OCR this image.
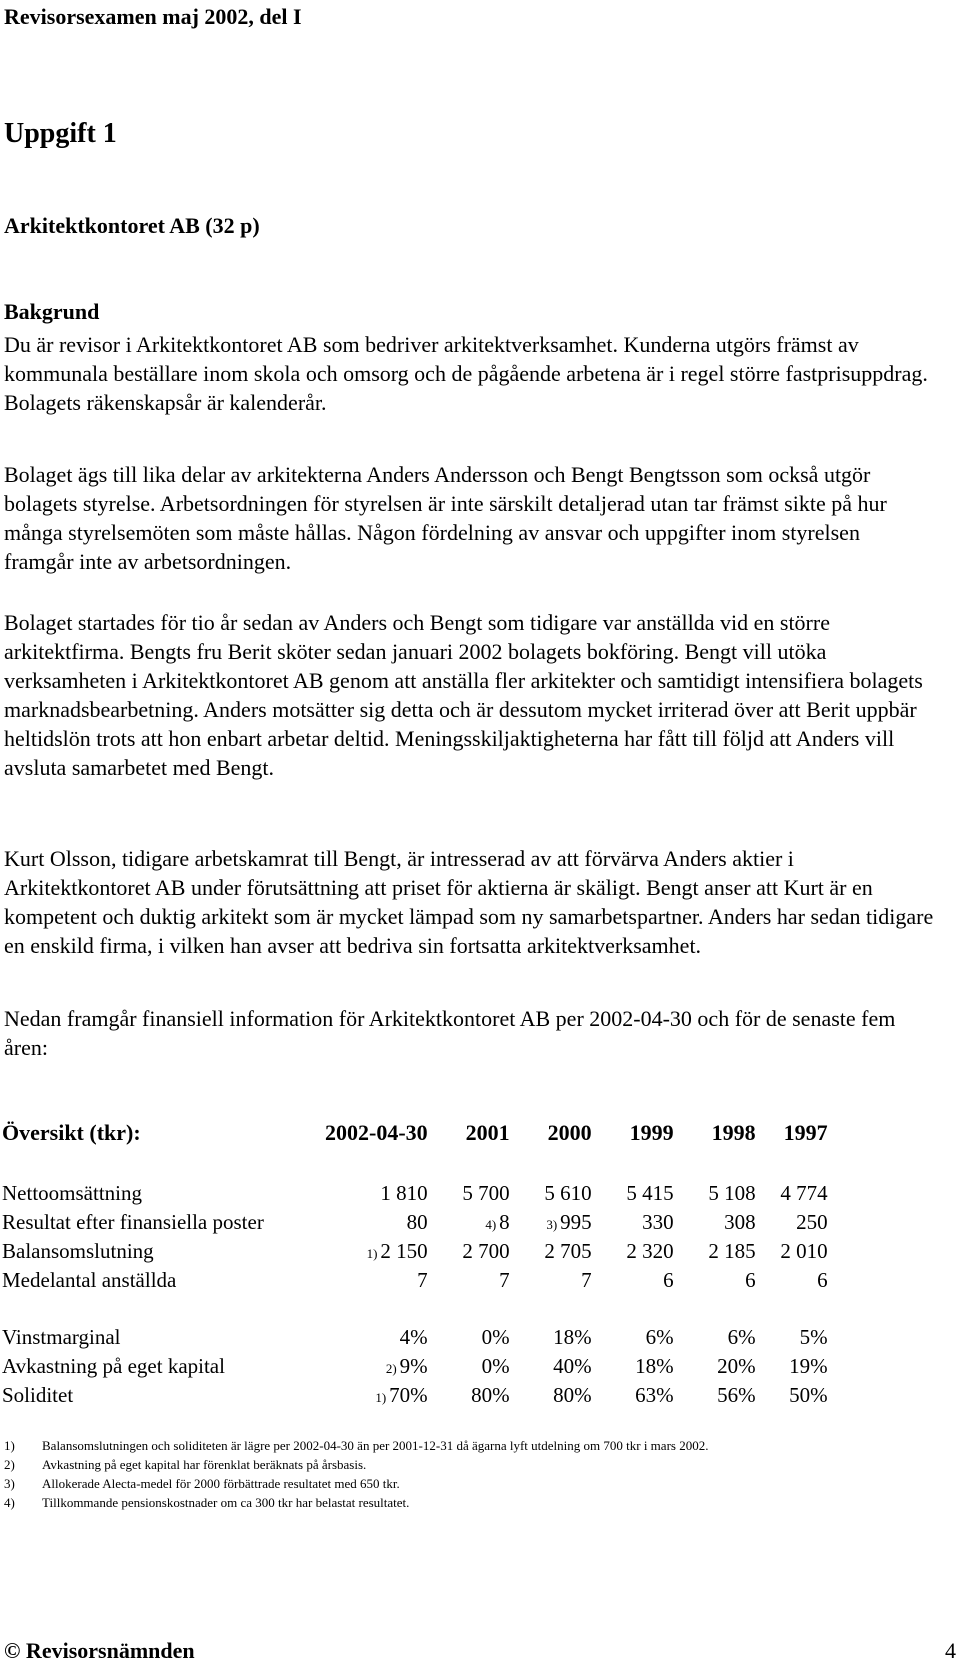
Revisorsexamen maj 2002, del I
Uppgift 1
Arkitektkontoret AB (32 p)
Bakgrund

Du är revisor i Arkitektkontoret AB som bedriver arkitektverksamhet. Kunderna utgörs främst av kommunala beställare inom skola och omsorg och de pågående arbetena är i regel större fastprisuppdrag. Bolagets räkenskapsår är kalenderår.

Bolaget ägs till lika delar av arkitekterna Anders Andersson och Bengt Bengtsson som också utgör bolagets styrelse. Arbetsordningen för styrelsen är inte särskilt detaljerad utan tar främst sikte på hur många styrelsemöten som måste hållas. Någon fördelning av ansvar och uppgifter inom styrelsen framgår inte av arbetsordningen.

Bolaget startades för tio år sedan av Anders och Bengt som tidigare var anställda vid en större arkitektfirma. Bengts fru Berit sköter sedan januari 2002 bolagets bokföring. Bengt vill utöka verksamheten i Arkitektkontoret AB genom att anställa fler arkitekter och samtidigt intensifiera bolagets marknadsbearbetning. Anders motsätter sig detta och är dessutom mycket irriterad över att Berit uppbär heltidslön trots att hon enbart arbetar deltid. Meningsskiljaktigheterna har fått till följd att Anders vill avsluta samarbetet med Bengt.

Kurt Olsson, tidigare arbetskamrat till Bengt, är intresserad av att förvärva Anders aktier i Arkitektkontoret AB under förutsättning att priset för aktierna är skäligt. Bengt anser att Kurt är en kompetent och duktig arkitekt som är mycket lämpad som ny samarbetspartner. Anders har sedan tidigare en enskild firma, i vilken han avser att bedriva sin fortsatta arkitektverksamhet.

Nedan framgår finansiell information för Arkitektkontoret AB per 2002-04-30 och för de senaste fem åren:

Översikt (tkr):	2002-04-30	2001	2000	1999	1998	1997

Nettoomsättning	1 810	5 700	5 610	5 415	5 108	4 774
Resultat efter finansiella poster	80	4) 8	3) 995	330	308	250
Balansomslutning	1) 2 150	2 700	2 705	2 320	2 185	2 010
Medelantal anställda	7	7	7	6	6	6

Vinstmarginal	4%	0%	18%	6%	6%	5%
Avkastning på eget kapital	2) 9%	0%	40%	18%	20%	19%
Soliditet	1) 70%	80%	80%	63%	56%	50%
1)	Balansomslutningen och soliditeten är lägre per 2002-04-30 än per 2001-12-31 då ägarna lyft utdelning om 700 tkr i mars 2002.
2)	Avkastning på eget kapital har förenklat beräknats på årsbasis.
3)	Allokerade Alecta-medel för 2000 förbättrade resultatet med 650 tkr.
4)	Tillkommande pensionskostnader om ca 300 tkr har belastat resultatet.
© Revisorsnämnden	4
